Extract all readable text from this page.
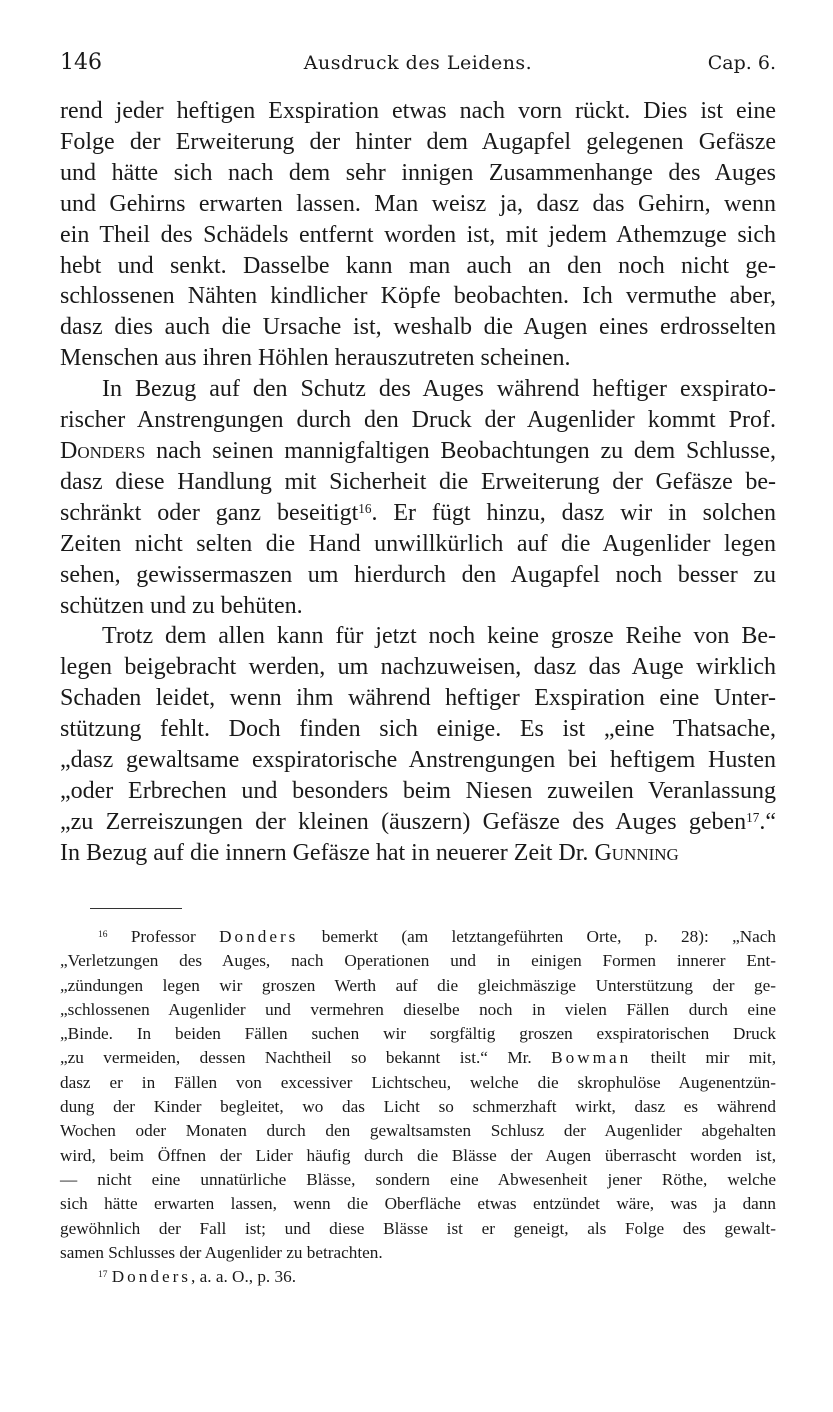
146	Ausdruck des Leidens.	Cap. 6.

rend jeder heftigen Exspiration etwas nach vorn rückt. Dies ist eine
Folge der Erweiterung der hinter dem Augapfel gelegenen Gefäsze
und hätte sich nach dem sehr innigen Zusammenhange des Auges
und Gehirns erwarten lassen. Man weisz ja, dasz das Gehirn, wenn
ein Theil des Schädels entfernt worden ist, mit jedem Athemzuge sich
hebt und senkt. Dasselbe kann man auch an den noch nicht ge-
schlossenen Nähten kindlicher Köpfe beobachten. Ich vermuthe aber,
dasz dies auch die Ursache ist, weshalb die Augen eines erdrosselten
Menschen aus ihren Höhlen herauszutreten scheinen.

In Bezug auf den Schutz des Auges während heftiger exspirato-
rischer Anstrengungen durch den Druck der Augenlider kommt Prof.
Donders nach seinen mannigfaltigen Beobachtungen zu dem Schlusse,
dasz diese Handlung mit Sicherheit die Erweiterung der Gefäsze be-
schränkt oder ganz beseitigt$^{16}$. Er fügt hinzu, dasz wir in solchen
Zeiten nicht selten die Hand unwillkürlich auf die Augenlider legen
sehen, gewissermaszen um hierdurch den Augapfel noch besser zu
schützen und zu behüten.

Trotz dem allen kann für jetzt noch keine grosze Reihe von Be-
legen beigebracht werden, um nachzuweisen, dasz das Auge wirklich
Schaden leidet, wenn ihm während heftiger Exspiration eine Unter-
stützung fehlt. Doch finden sich einige. Es ist „eine Thatsache,
„dasz gewaltsame exspiratorische Anstrengungen bei heftigem Husten
„oder Erbrechen und besonders beim Niesen zuweilen Veranlassung
„zu Zerreiszungen der kleinen (äuszern) Gefäsze des Auges geben$^{17}$.“
In Bezug auf die innern Gefäsze hat in neuerer Zeit Dr. Gunning

$^{16}$ Professor Donders bemerkt (am letztangeführten Orte, p. 28): „Nach
„Verletzungen des Auges, nach Operationen und in einigen Formen innerer Ent-
„zündungen legen wir groszen Werth auf die gleichmäszige Unterstützung der ge-
„schlossenen Augenlider und vermehren dieselbe noch in vielen Fällen durch eine
„Binde. In beiden Fällen suchen wir sorgfältig groszen exspiratorischen Druck
„zu vermeiden, dessen Nachtheil so bekannt ist.“ Mr. Bowman theilt mir mit,
dasz er in Fällen von excessiver Lichtscheu, welche die skrophulöse Augenentzün-
dung der Kinder begleitet, wo das Licht so schmerzhaft wirkt, dasz es während
Wochen oder Monaten durch den gewaltsamsten Schlusz der Augenlider abgehalten
wird, beim Öffnen der Lider häufig durch die Blässe der Augen überrascht worden ist,
— nicht eine unnatürliche Blässe, sondern eine Abwesenheit jener Röthe, welche
sich hätte erwarten lassen, wenn die Oberfläche etwas entzündet wäre, was ja dann
gewöhnlich der Fall ist; und diese Blässe ist er geneigt, als Folge des gewalt-
samen Schlusses der Augenlider zu betrachten.
$^{17}$ Donders, a. a. O., p. 36.
